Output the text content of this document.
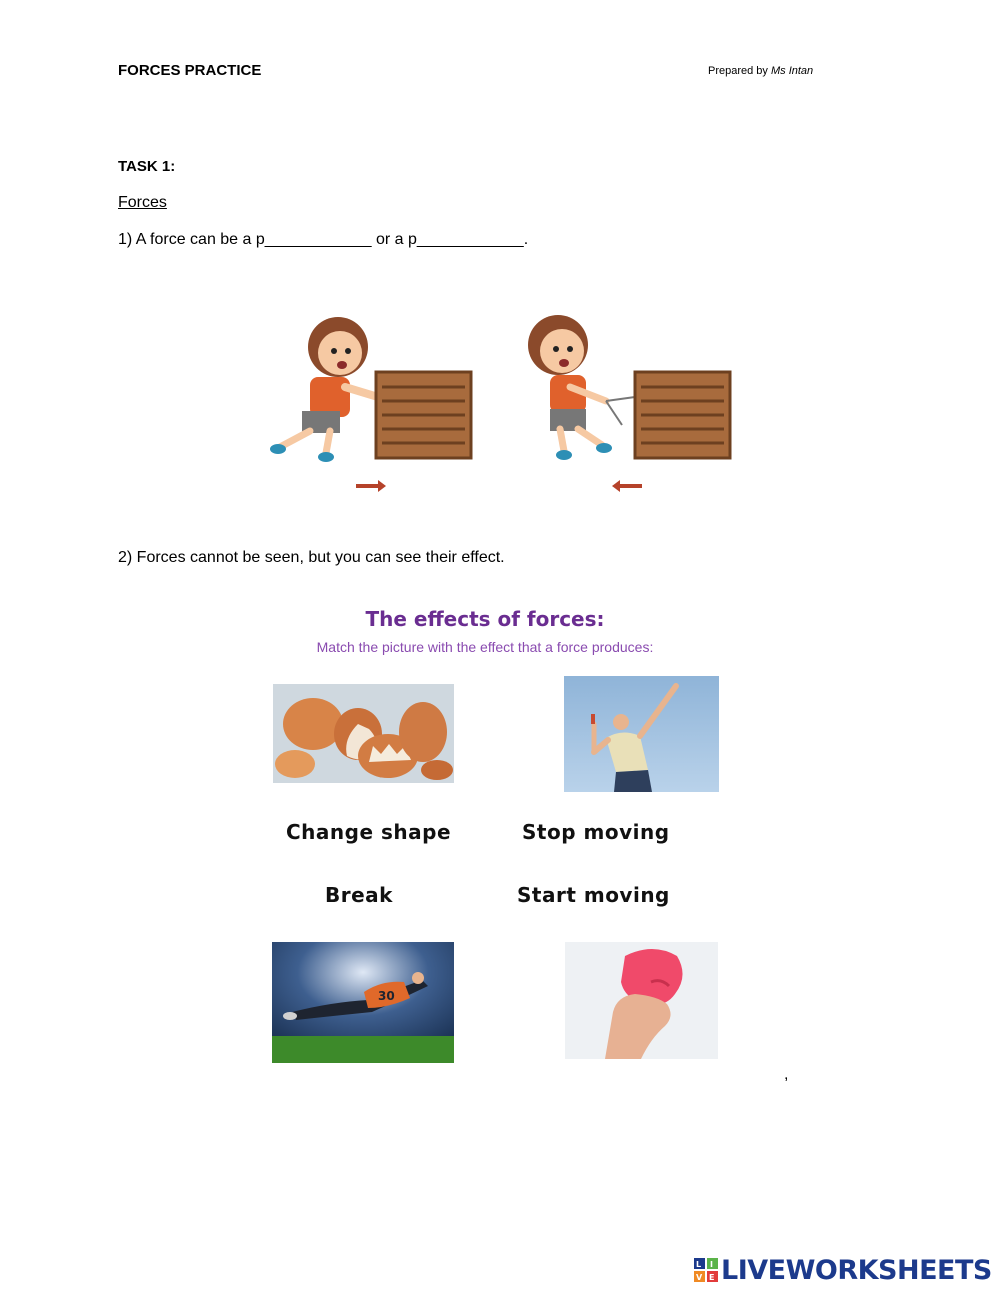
FORCES PRACTICE	Prepared by Ms Intan
TASK 1:
Forces
1) A force can be a p____________ or a p____________.
2) Forces cannot be seen, but you can see their effect.
The effects of forces:
Match the picture with the effect that a force produces:
Change shape	Stop moving
Break	Start moving
30
,
L I
V E LIVEWORKSHEETS
